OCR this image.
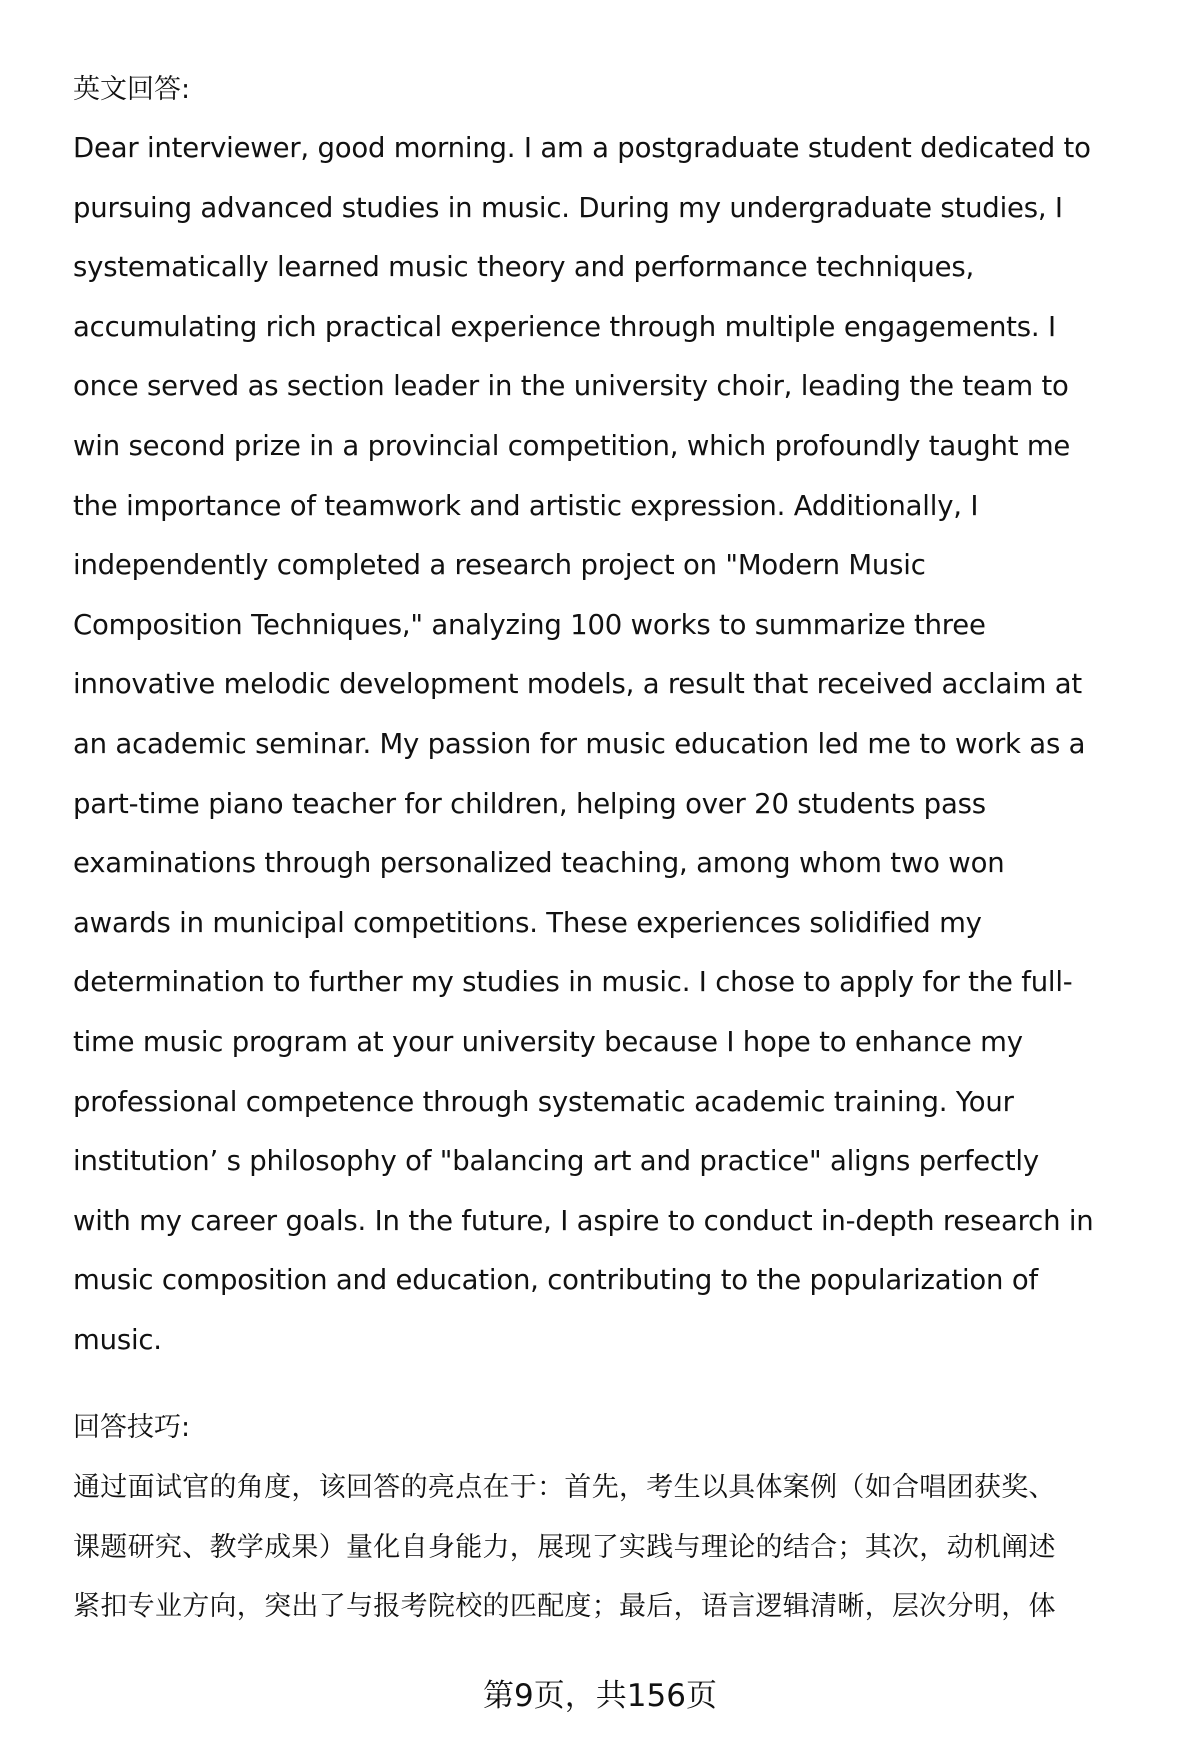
英文回答:
Dear interviewer, good morning. I am a postgraduate student dedicated to
pursuing advanced studies in music. During my undergraduate studies, I
systematically learned music theory and performance techniques,
accumulating rich practical experience through multiple engagements. I
once served as section leader in the university choir, leading the team to
win second prize in a provincial competition, which profoundly taught me
the importance of teamwork and artistic expression. Additionally, I
independently completed a research project on "Modern Music
Composition Techniques," analyzing 100 works to summarize three
innovative melodic development models, a result that received acclaim at
an academic seminar. My passion for music education led me to work as a
part-time piano teacher for children, helping over 20 students pass
examinations through personalized teaching, among whom two won
awards in municipal competitions. These experiences solidified my
determination to further my studies in music. I chose to apply for the full-
time music program at your university because I hope to enhance my
professional competence through systematic academic training. Your
institution’ s philosophy of "balancing art and practice" aligns perfectly
with my career goals. In the future, I aspire to conduct in-depth research in
music composition and education, contributing to the popularization of
music.
回答技巧:
通过面试官的角度，该回答的亮点在于：首先，考生以具体案例（如合唱团获奖、
课题研究、教学成果）量化自身能力，展现了实践与理论的结合；其次，动机阐述
紧扣专业方向，突出了与报考院校的匹配度；最后，语言逻辑清晰，层次分明，体
第9页，共156页
